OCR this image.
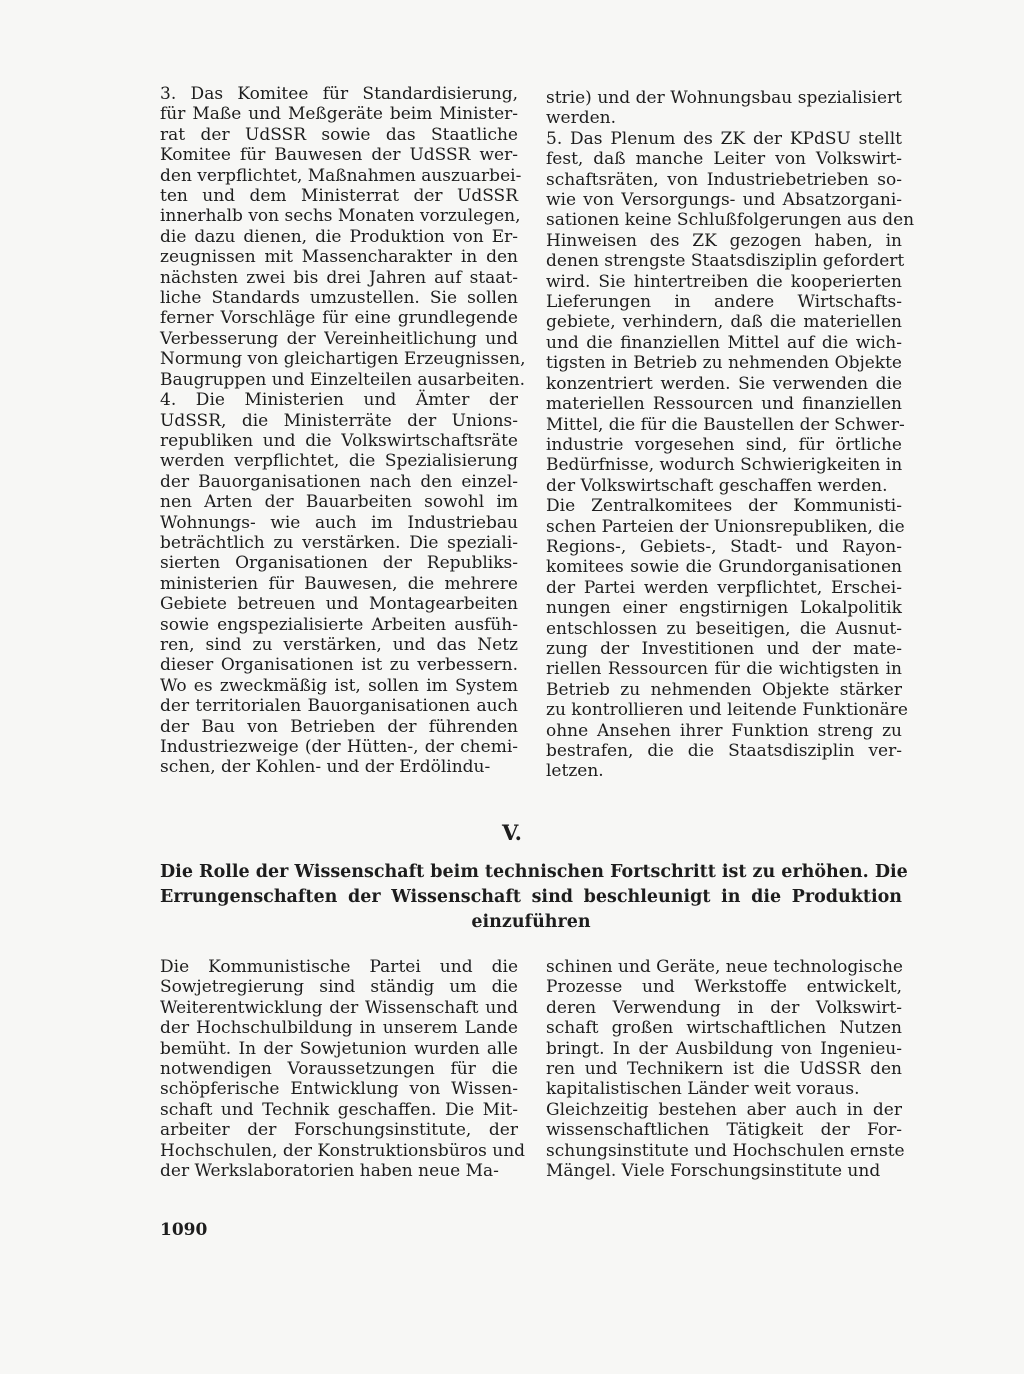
3. Das Komitee für Standardisierung,
für Maße und Meßgeräte beim Minister-
rat der UdSSR sowie das Staatliche
Komitee für Bauwesen der UdSSR wer-
den verpflichtet, Maßnahmen auszuarbei-
ten und dem Ministerrat der UdSSR
innerhalb von sechs Monaten vorzulegen,
die dazu dienen, die Produktion von Er-
zeugnissen mit Massencharakter in den
nächsten zwei bis drei Jahren auf staat-
liche Standards umzustellen. Sie sollen
ferner Vorschläge für eine grundlegende
Verbesserung der Vereinheitlichung und
Normung von gleichartigen Erzeugnissen,
Baugruppen und Einzelteilen ausarbeiten.
4. Die Ministerien und Ämter der
UdSSR, die Ministerräte der Unions-
republiken und die Volkswirtschaftsräte
werden verpflichtet, die Spezialisierung
der Bauorganisationen nach den einzel-
nen Arten der Bauarbeiten sowohl im
Wohnungs- wie auch im Industriebau
beträchtlich zu verstärken. Die speziali-
sierten Organisationen der Republiks-
ministerien für Bauwesen, die mehrere
Gebiete betreuen und Montagearbeiten
sowie engspezialisierte Arbeiten ausfüh-
ren, sind zu verstärken, und das Netz
dieser Organisationen ist zu verbessern.
Wo es zweckmäßig ist, sollen im System
der territorialen Bauorganisationen auch
der Bau von Betrieben der führenden
Industriezweige (der Hütten-, der chemi-
schen, der Kohlen- und der Erdölindu-
strie) und der Wohnungsbau spezialisiert
werden.
5. Das Plenum des ZK der KPdSU stellt
fest, daß manche Leiter von Volkswirt-
schaftsräten, von Industriebetrieben so-
wie von Versorgungs- und Absatzorgani-
sationen keine Schlußfolgerungen aus den
Hinweisen des ZK gezogen haben, in
denen strengste Staatsdisziplin gefordert
wird. Sie hintertreiben die kooperierten
Lieferungen in andere Wirtschafts-
gebiete, verhindern, daß die materiellen
und die finanziellen Mittel auf die wich-
tigsten in Betrieb zu nehmenden Objekte
konzentriert werden. Sie verwenden die
materiellen Ressourcen und finanziellen
Mittel, die für die Baustellen der Schwer-
industrie vorgesehen sind, für örtliche
Bedürfnisse, wodurch Schwierigkeiten in
der Volkswirtschaft geschaffen werden.
Die Zentralkomitees der Kommunisti-
schen Parteien der Unionsrepubliken, die
Regions-, Gebiets-, Stadt- und Rayon-
komitees sowie die Grundorganisationen
der Partei werden verpflichtet, Erschei-
nungen einer engstirnigen Lokalpolitik
entschlossen zu beseitigen, die Ausnut-
zung der Investitionen und der mate-
riellen Ressourcen für die wichtigsten in
Betrieb zu nehmenden Objekte stärker
zu kontrollieren und leitende Funktionäre
ohne Ansehen ihrer Funktion streng zu
bestrafen, die die Staatsdisziplin ver-
letzen.
V.
Die Rolle der Wissenschaft beim technischen Fortschritt ist zu erhöhen. Die
Errungenschaften der Wissenschaft sind beschleunigt in die Produktion
einzuführen
Die Kommunistische Partei und die
Sowjetregierung sind ständig um die
Weiterentwicklung der Wissenschaft und
der Hochschulbildung in unserem Lande
bemüht. In der Sowjetunion wurden alle
notwendigen Voraussetzungen für die
schöpferische Entwicklung von Wissen-
schaft und Technik geschaffen. Die Mit-
arbeiter der Forschungsinstitute, der
Hochschulen, der Konstruktionsbüros und
der Werkslaboratorien haben neue Ma-
schinen und Geräte, neue technologische
Prozesse und Werkstoffe entwickelt,
deren Verwendung in der Volkswirt-
schaft großen wirtschaftlichen Nutzen
bringt. In der Ausbildung von Ingenieu-
ren und Technikern ist die UdSSR den
kapitalistischen Länder weit voraus.
Gleichzeitig bestehen aber auch in der
wissenschaftlichen Tätigkeit der For-
schungsinstitute und Hochschulen ernste
Mängel. Viele Forschungsinstitute und
1090
